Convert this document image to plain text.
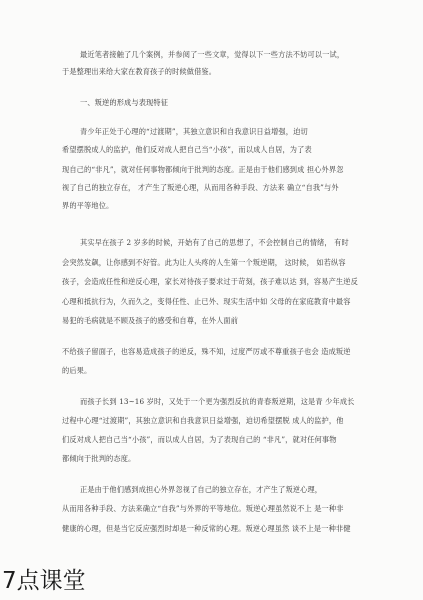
最近笔者接触了几个案例，并参阅了一些文章，觉得以下一些方法不妨可以一试，
于是整理出来给大家在教育孩子的时候做借鉴。
一、叛逆的形成与表现特征
青少年正处于心理的“过渡期”，其独立意识和自我意识日益增强，迫切
希望摆脱成人的监护，他们反对成人把自己当“小孩”，而以成人自居，为了表
现自己的“非凡”，就对任何事物都倾向于批判的态度。正是由于他们感到成 担心外界忽
视了自己的独立存在， 才产生了叛逆心理，从而用各种手段、方法来 确立“自我”与外
界的平等地位。
其实早在孩子 2 岁多的时候，开始有了自己的思想了，不会控制自己的情绪， 有时
会突然发飙，让你感到不好管。此为让人头疼的人生第一个叛逆期， 这时候， 如若纵容
孩子，会造成任性和逆反心理，家长对待孩子要求过于苛刻，孩子难以达 到，容易产生逆反
心理和抵抗行为，久而久之，变得任性、止已外、现实生活中如 父母的在家庭教育中最容
易犯的毛病就是不顾及孩子的感受和自尊，在外人面前
不给孩子留面子，也容易造成孩子的逆反，殊不知，过度严厉或不尊重孩子也会 造成叛逆
的后果。
而孩子长到 13~16 岁时，又处于一个更为强烈反抗的青春叛逆期，这是青 少年成长
过程中心理“过渡期”，其独立意识和自我意识日益增强，迫切希望摆脱 成人的监护，他
们反对成人把自己当“小孩”，而以成人自居，为了表现自己的 “非凡”，就对任何事物
都倾向于批判的态度。
正是由于他们感到成担心外界忽视了自己的独立存在，才产生了叛逆心理，
从而用各种手段、方法来确立“自我”与外界的平等地位。叛逆心理虽然说不上 是一种非
健康的心理，但是当它反应强烈时却是一种反常的心理。叛逆心理虽然 谈不上是一种非健
7点课堂
